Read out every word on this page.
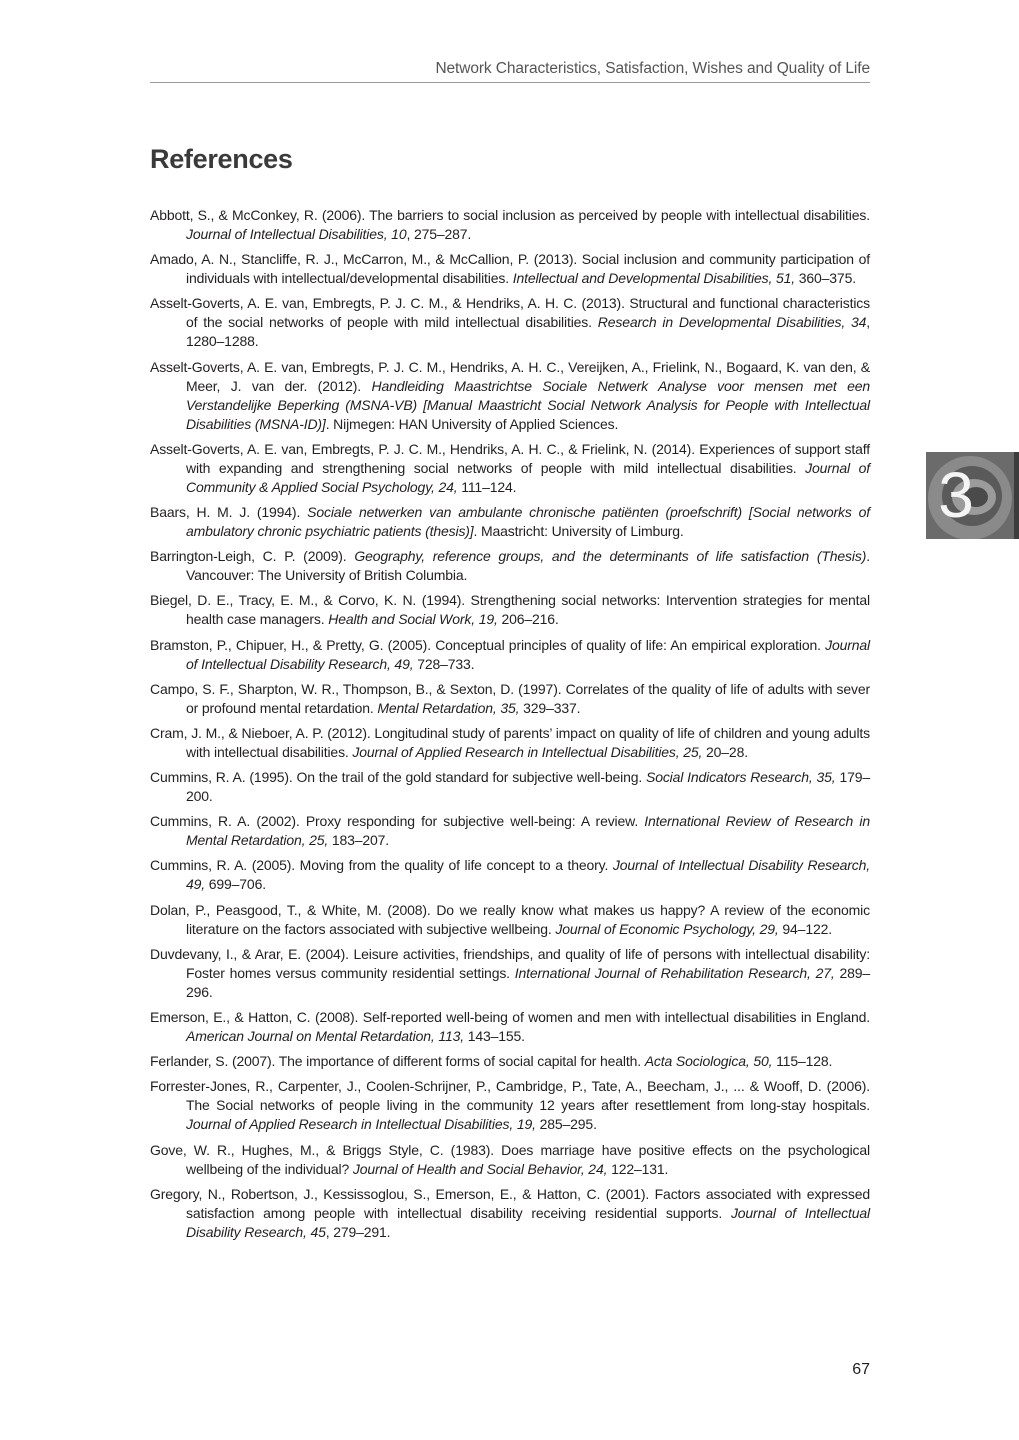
Network Characteristics, Satisfaction, Wishes and Quality of Life
References
Abbott, S., & McConkey, R. (2006). The barriers to social inclusion as perceived by people with intellectual disabilities. Journal of Intellectual Disabilities, 10, 275–287.
Amado, A. N., Stancliffe, R. J., McCarron, M., & McCallion, P. (2013). Social inclusion and community participation of individuals with intellectual/developmental disabilities. Intellectual and Developmental Disabilities, 51, 360–375.
Asselt-Goverts, A. E. van, Embregts, P. J. C. M., & Hendriks, A. H. C. (2013). Structural and functional characteristics of the social networks of people with mild intellectual disabilities. Research in Developmental Disabilities, 34, 1280–1288.
Asselt-Goverts, A. E. van, Embregts, P. J. C. M., Hendriks, A. H. C., Vereijken, A., Frielink, N., Bogaard, K. van den, & Meer, J. van der. (2012). Handleiding Maastrichtse Sociale Netwerk Analyse voor mensen met een Verstandelijke Beperking (MSNA-VB) [Manual Maastricht Social Network Analysis for People with Intellectual Disabilities (MSNA-ID)]. Nijmegen: HAN University of Applied Sciences.
Asselt-Goverts, A. E. van, Embregts, P. J. C. M., Hendriks, A. H. C., & Frielink, N. (2014). Experiences of support staff with expanding and strengthening social networks of people with mild intellectual disabilities. Journal of Community & Applied Social Psychology, 24, 111–124.
Baars, H. M. J. (1994). Sociale netwerken van ambulante chronische patiënten (proefschrift) [Social networks of ambulatory chronic psychiatric patients (thesis)]. Maastricht: University of Limburg.
Barrington-Leigh, C. P. (2009). Geography, reference groups, and the determinants of life satisfaction (Thesis). Vancouver: The University of British Columbia.
Biegel, D. E., Tracy, E. M., & Corvo, K. N. (1994). Strengthening social networks: Intervention strategies for mental health case managers. Health and Social Work, 19, 206–216.
Bramston, P., Chipuer, H., & Pretty, G. (2005). Conceptual principles of quality of life: An empirical exploration. Journal of Intellectual Disability Research, 49, 728–733.
Campo, S. F., Sharpton, W. R., Thompson, B., & Sexton, D. (1997). Correlates of the quality of life of adults with sever or profound mental retardation. Mental Retardation, 35, 329–337.
Cram, J. M., & Nieboer, A. P. (2012). Longitudinal study of parents’ impact on quality of life of children and young adults with intellectual disabilities. Journal of Applied Research in Intellectual Disabilities, 25, 20–28.
Cummins, R. A. (1995). On the trail of the gold standard for subjective well-being. Social Indicators Research, 35, 179–200.
Cummins, R. A. (2002). Proxy responding for subjective well-being: A review. International Review of Research in Mental Retardation, 25, 183–207.
Cummins, R. A. (2005). Moving from the quality of life concept to a theory. Journal of Intellectual Disability Research, 49, 699–706.
Dolan, P., Peasgood, T., & White, M. (2008). Do we really know what makes us happy? A review of the economic literature on the factors associated with subjective wellbeing. Journal of Economic Psychology, 29, 94–122.
Duvdevany, I., & Arar, E. (2004). Leisure activities, friendships, and quality of life of persons with intellectual disability: Foster homes versus community residential settings. International Journal of Rehabilitation Research, 27, 289–296.
Emerson, E., & Hatton, C. (2008). Self-reported well-being of women and men with intellectual disabilities in England. American Journal on Mental Retardation, 113, 143–155.
Ferlander, S. (2007). The importance of different forms of social capital for health. Acta Sociologica, 50, 115–128.
Forrester-Jones, R., Carpenter, J., Coolen-Schrijner, P., Cambridge, P., Tate, A., Beecham, J., ... & Wooff, D. (2006). The Social networks of people living in the community 12 years after resettlement from long-stay hospitals. Journal of Applied Research in Intellectual Disabilities, 19, 285–295.
Gove, W. R., Hughes, M., & Briggs Style, C. (1983). Does marriage have positive effects on the psychological wellbeing of the individual? Journal of Health and Social Behavior, 24, 122–131.
Gregory, N., Robertson, J., Kessissoglou, S., Emerson, E., & Hatton, C. (2001). Factors associated with expressed satisfaction among people with intellectual disability receiving residential supports. Journal of Intellectual Disability Research, 45, 279–291.
3
67
